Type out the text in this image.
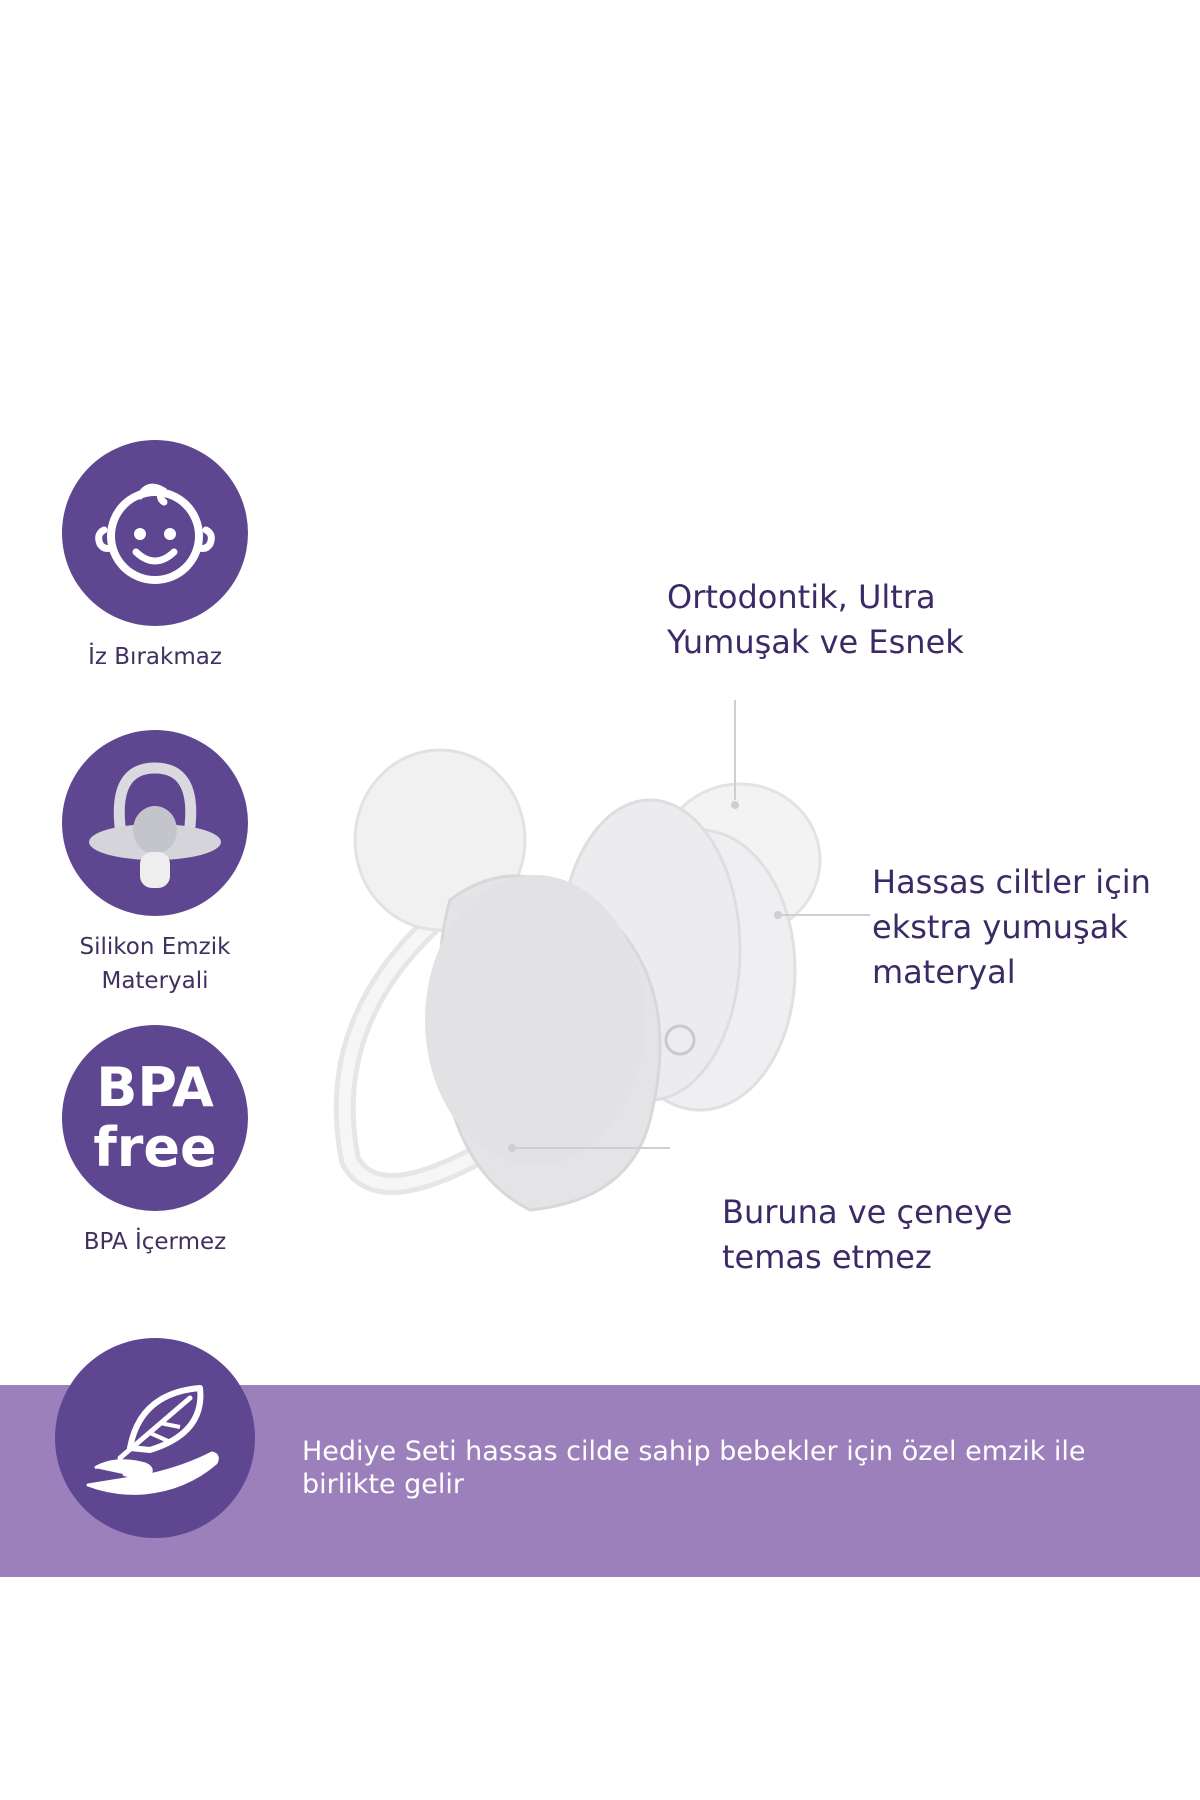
İz Bırakmaz
Silikon Emzik Materyali
BPA
free
BPA İçermez
Ortodontik, Ultra Yumuşak ve Esnek
Hassas ciltler için ekstra yumuşak materyal
Buruna ve çeneye temas etmez
Hediye Seti hassas cilde sahip bebekler için özel emzik ile birlikte gelir
